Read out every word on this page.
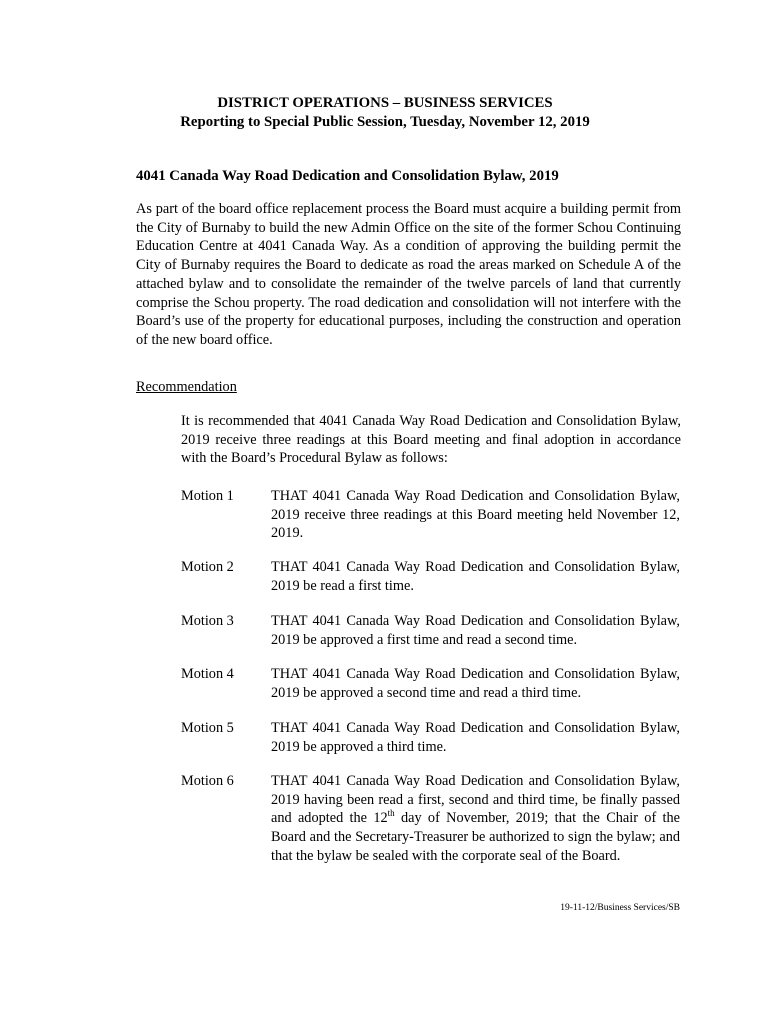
DISTRICT OPERATIONS – BUSINESS SERVICES
Reporting to Special Public Session, Tuesday, November 12, 2019
4041 Canada Way Road Dedication and Consolidation Bylaw, 2019

As part of the board office replacement process the Board must acquire a building permit from the City of Burnaby to build the new Admin Office on the site of the former Schou Continuing Education Centre at 4041 Canada Way. As a condition of approving the building permit the City of Burnaby requires the Board to dedicate as road the areas marked on Schedule A of the attached bylaw and to consolidate the remainder of the twelve parcels of land that currently comprise the Schou property. The road dedication and consolidation will not interfere with the Board’s use of the property for educational purposes, including the construction and operation of the new board office.

Recommendation

It is recommended that 4041 Canada Way Road Dedication and Consolidation Bylaw, 2019 receive three readings at this Board meeting and final adoption in accordance with the Board’s Procedural Bylaw as follows:

Motion 1	THAT 4041 Canada Way Road Dedication and Consolidation Bylaw, 2019 receive three readings at this Board meeting held November 12, 2019.

Motion 2	THAT 4041 Canada Way Road Dedication and Consolidation Bylaw, 2019 be read a first time.

Motion 3	THAT 4041 Canada Way Road Dedication and Consolidation Bylaw, 2019 be approved a first time and read a second time.

Motion 4	THAT 4041 Canada Way Road Dedication and Consolidation Bylaw, 2019 be approved a second time and read a third time.

Motion 5	THAT 4041 Canada Way Road Dedication and Consolidation Bylaw, 2019 be approved a third time.

Motion 6	THAT 4041 Canada Way Road Dedication and Consolidation Bylaw, 2019 having been read a first, second and third time, be finally passed and adopted the 12th day of November, 2019; that the Chair of the Board and the Secretary-Treasurer be authorized to sign the bylaw; and that the bylaw be sealed with the corporate seal of the Board.

19-11-12/Business Services/SB
